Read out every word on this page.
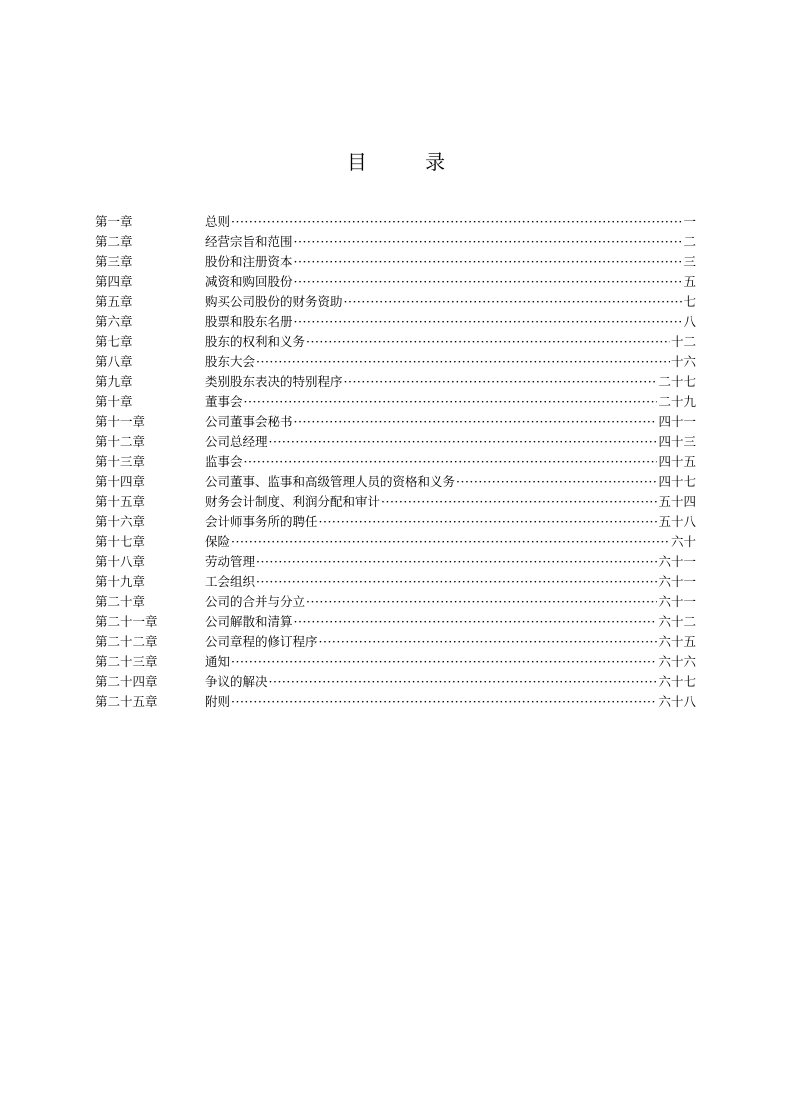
目 录
第一章	总则 ·····	一
第二章	经营宗旨和范围 ·····	二
第三章	股份和注册资本 ·····	三
第四章	减资和购回股份 ·····	五
第五章	购买公司股份的财务资助 ·····	七
第六章	股票和股东名册 ·····	八
第七章	股东的权利和义务 ·····	十二
第八章	股东大会 ·····	十六
第九章	类别股东表决的特别程序 ·····	二十七
第十章	董事会 ·····	二十九
第十一章	公司董事会秘书 ·····	四十一
第十二章	公司总经理 ·····	四十三
第十三章	监事会 ·····	四十五
第十四章	公司董事、监事和高级管理人员的资格和义务 ·····	四十七
第十五章	财务会计制度、利润分配和审计 ·····	五十四
第十六章	会计师事务所的聘任 ·····	五十八
第十七章	保险 ·····	六十
第十八章	劳动管理 ·····	六十一
第十九章	工会组织 ·····	六十一
第二十章	公司的合并与分立 ·····	六十一
第二十一章	公司解散和清算 ·····	六十二
第二十二章	公司章程的修订程序 ·····	六十五
第二十三章	通知 ·····	六十六
第二十四章	争议的解决 ·····	六十七
第二十五章	附则 ·····	六十八
